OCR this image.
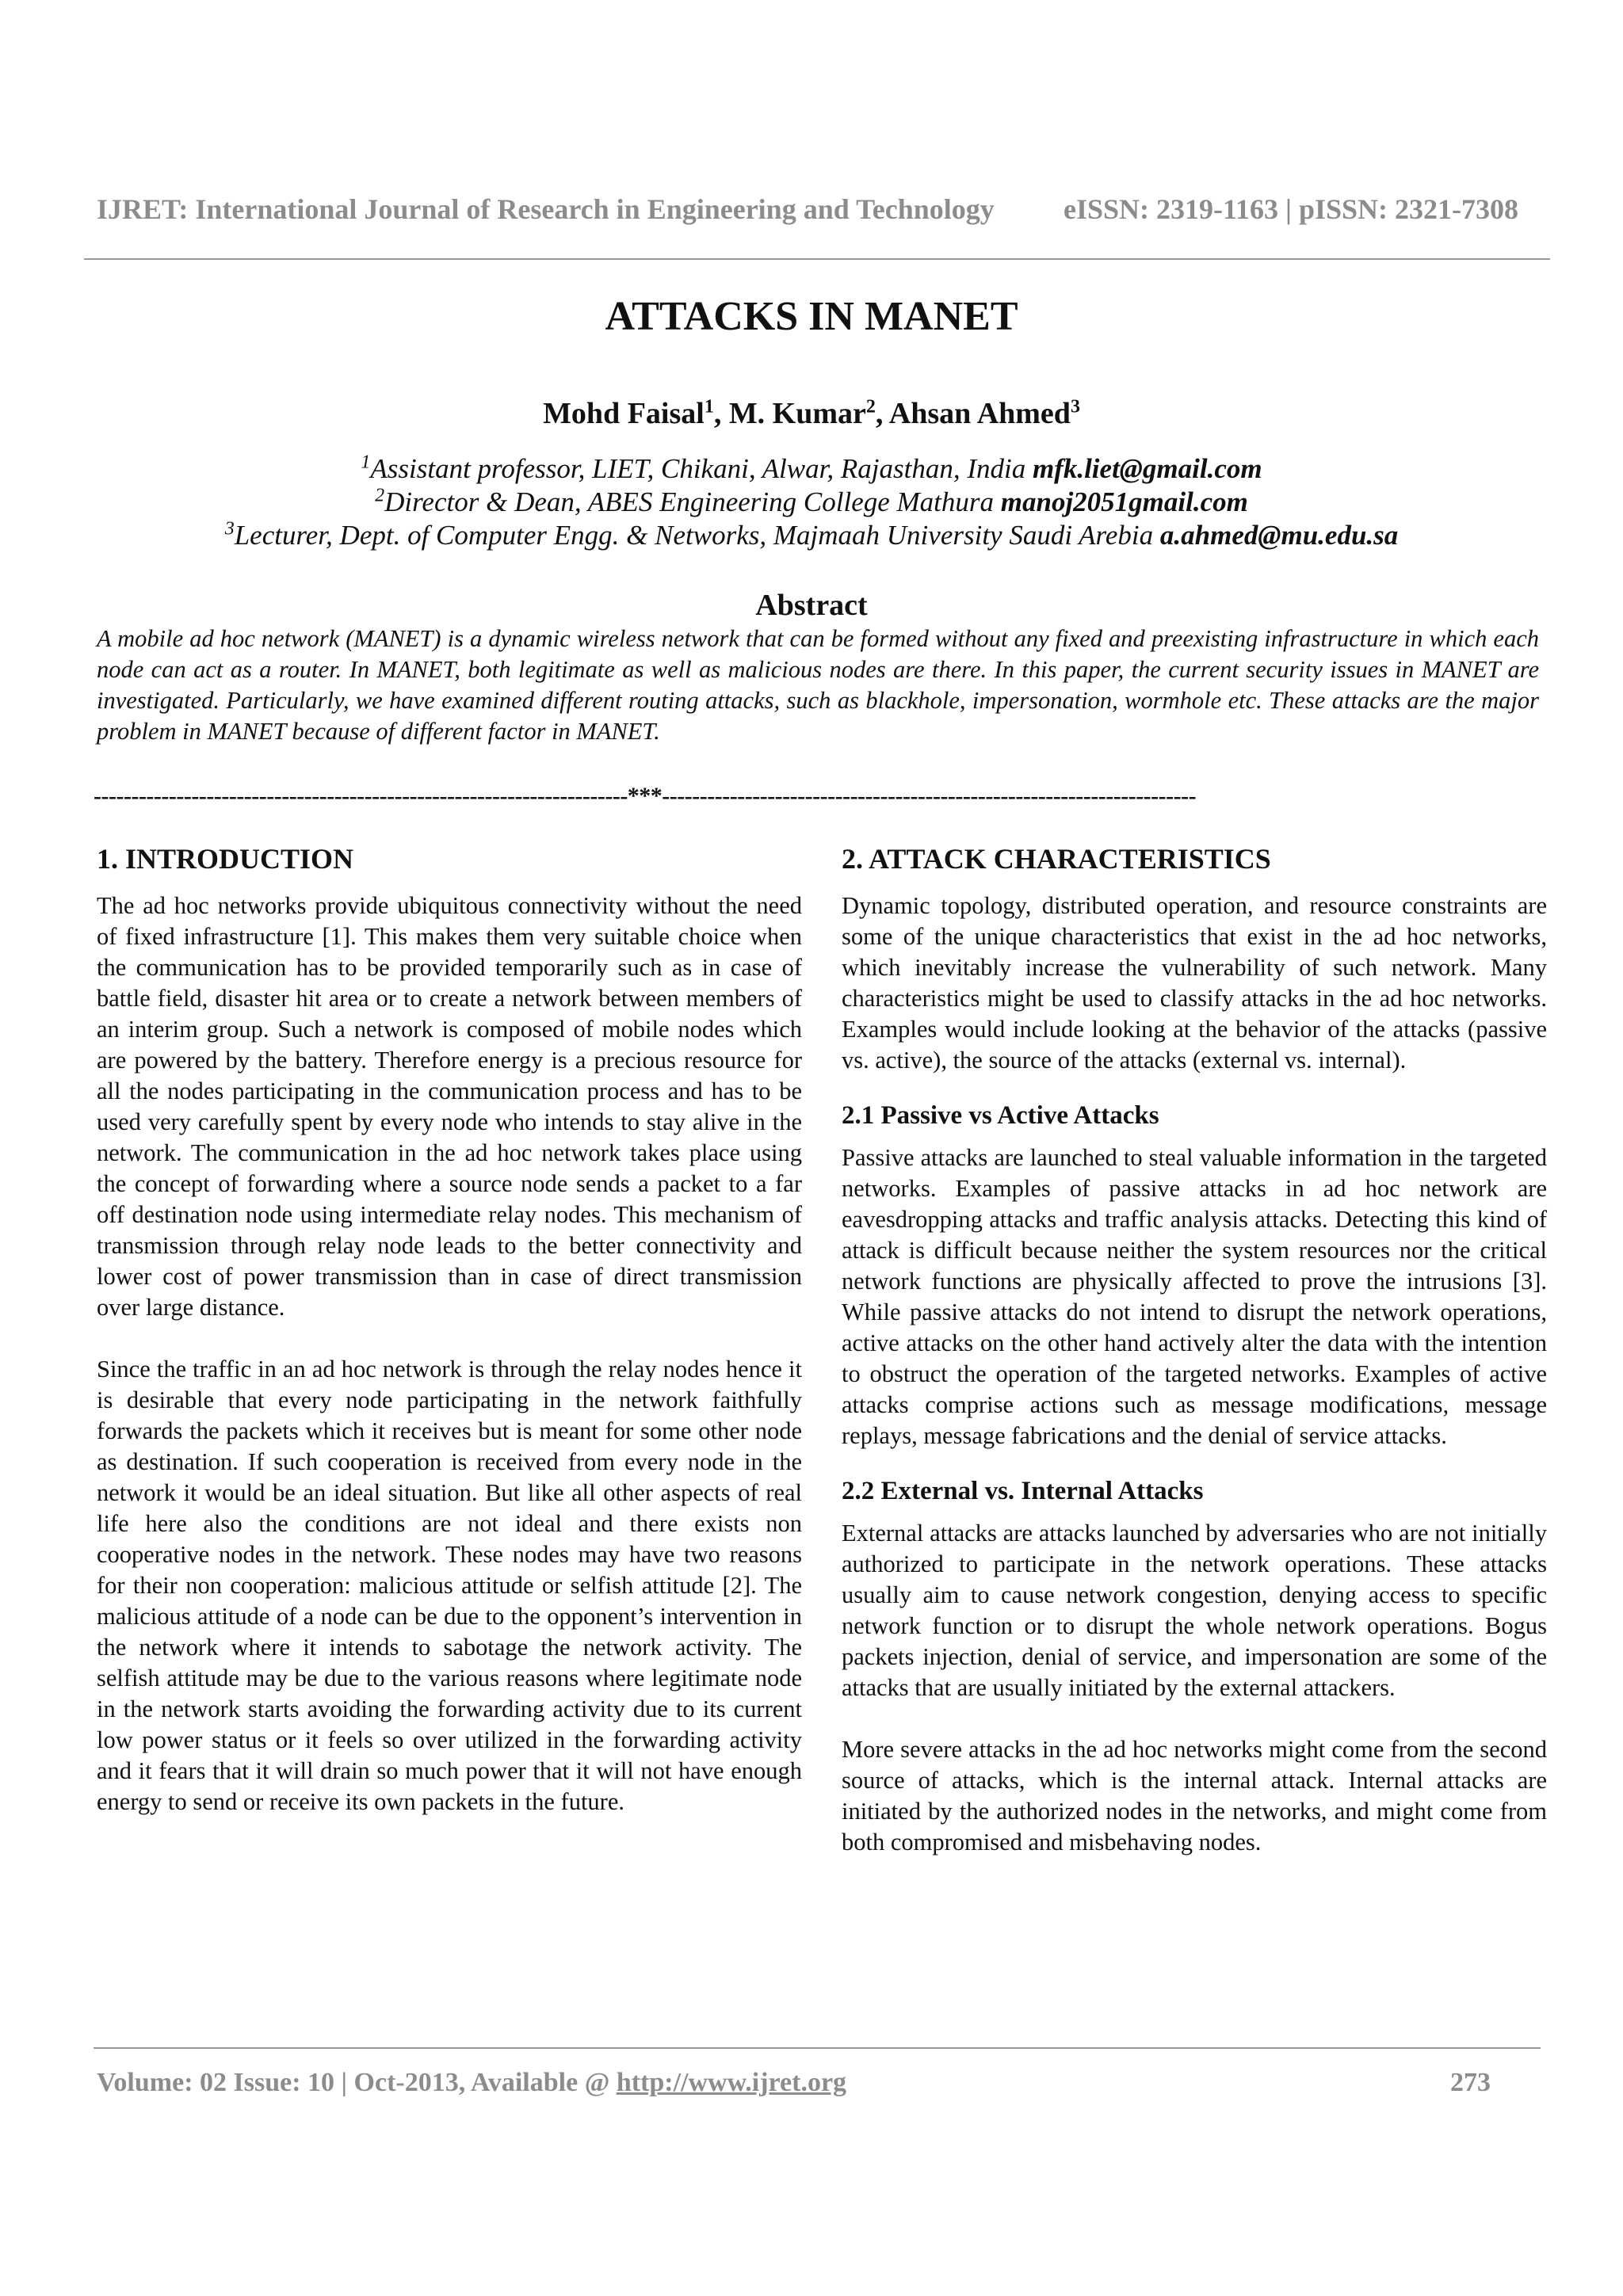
IJRET: International Journal of Research in Engineering and Technology eISSN: 2319-1163 | pISSN: 2321-7308
ATTACKS IN MANET
Mohd Faisal$^1$, M. Kumar$^2$, Ahsan Ahmed$^3$
$^1$Assistant professor, LIET, Chikani, Alwar, Rajasthan, India mfk.liet@gmail.com
$^2$Director & Dean, ABES Engineering College Mathura manoj2051gmail.com
$^3$Lecturer, Dept. of Computer Engg. & Networks, Majmaah University Saudi Arebia a.ahmed@mu.edu.sa
Abstract
A mobile ad hoc network (MANET) is a dynamic wireless network that can be formed without any fixed and preexisting infrastructure in which each node can act as a router. In MANET, both legitimate as well as malicious nodes are there. In this paper, the current security issues in MANET are investigated. Particularly, we have examined different routing attacks, such as blackhole, impersonation, wormhole etc. These attacks are the major problem in MANET because of different factor in MANET.
-----------------------------------------------------------------------***-----------------------------------------------------------------------
1. INTRODUCTION

The ad hoc networks provide ubiquitous connectivity without the need of fixed infrastructure [1]. This makes them very suitable choice when the communication has to be provided temporarily such as in case of battle field, disaster hit area or to create a network between members of an interim group. Such a network is composed of mobile nodes which are powered by the battery. Therefore energy is a precious resource for all the nodes participating in the communication process and has to be used very carefully spent by every node who intends to stay alive in the network. The communication in the ad hoc network takes place using the concept of forwarding where a source node sends a packet to a far off destination node using intermediate relay nodes. This mechanism of transmission through relay node leads to the better connectivity and lower cost of power transmission than in case of direct transmission over large distance.

Since the traffic in an ad hoc network is through the relay nodes hence it is desirable that every node participating in the network faithfully forwards the packets which it receives but is meant for some other node as destination. If such cooperation is received from every node in the network it would be an ideal situation. But like all other aspects of real life here also the conditions are not ideal and there exists non cooperative nodes in the network. These nodes may have two reasons for their non cooperation: malicious attitude or selfish attitude [2]. The malicious attitude of a node can be due to the opponent’s intervention in the network where it intends to sabotage the network activity. The selfish attitude may be due to the various reasons where legitimate node in the network starts avoiding the forwarding activity due to its current low power status or it feels so over utilized in the forwarding activity and it fears that it will drain so much power that it will not have enough energy to send or receive its own packets in the future.

2. ATTACK CHARACTERISTICS

Dynamic topology, distributed operation, and resource constraints are some of the unique characteristics that exist in the ad hoc networks, which inevitably increase the vulnerability of such network. Many characteristics might be used to classify attacks in the ad hoc networks. Examples would include looking at the behavior of the attacks (passive vs. active), the source of the attacks (external vs. internal).

2.1 Passive vs Active Attacks

Passive attacks are launched to steal valuable information in the targeted networks. Examples of passive attacks in ad hoc network are eavesdropping attacks and traffic analysis attacks. Detecting this kind of attack is difficult because neither the system resources nor the critical network functions are physically affected to prove the intrusions [3]. While passive attacks do not intend to disrupt the network operations, active attacks on the other hand actively alter the data with the intention to obstruct the operation of the targeted networks. Examples of active attacks comprise actions such as message modifications, message replays, message fabrications and the denial of service attacks.

2.2 External vs. Internal Attacks

External attacks are attacks launched by adversaries who are not initially authorized to participate in the network operations. These attacks usually aim to cause network congestion, denying access to specific network function or to disrupt the whole network operations. Bogus packets injection, denial of service, and impersonation are some of the attacks that are usually initiated by the external attackers.

More severe attacks in the ad hoc networks might come from the second source of attacks, which is the internal attack. Internal attacks are initiated by the authorized nodes in the networks, and might come from both compromised and misbehaving nodes.

Volume: 02 Issue: 10 | Oct-2013, Available @ http://www.ijret.org	273
